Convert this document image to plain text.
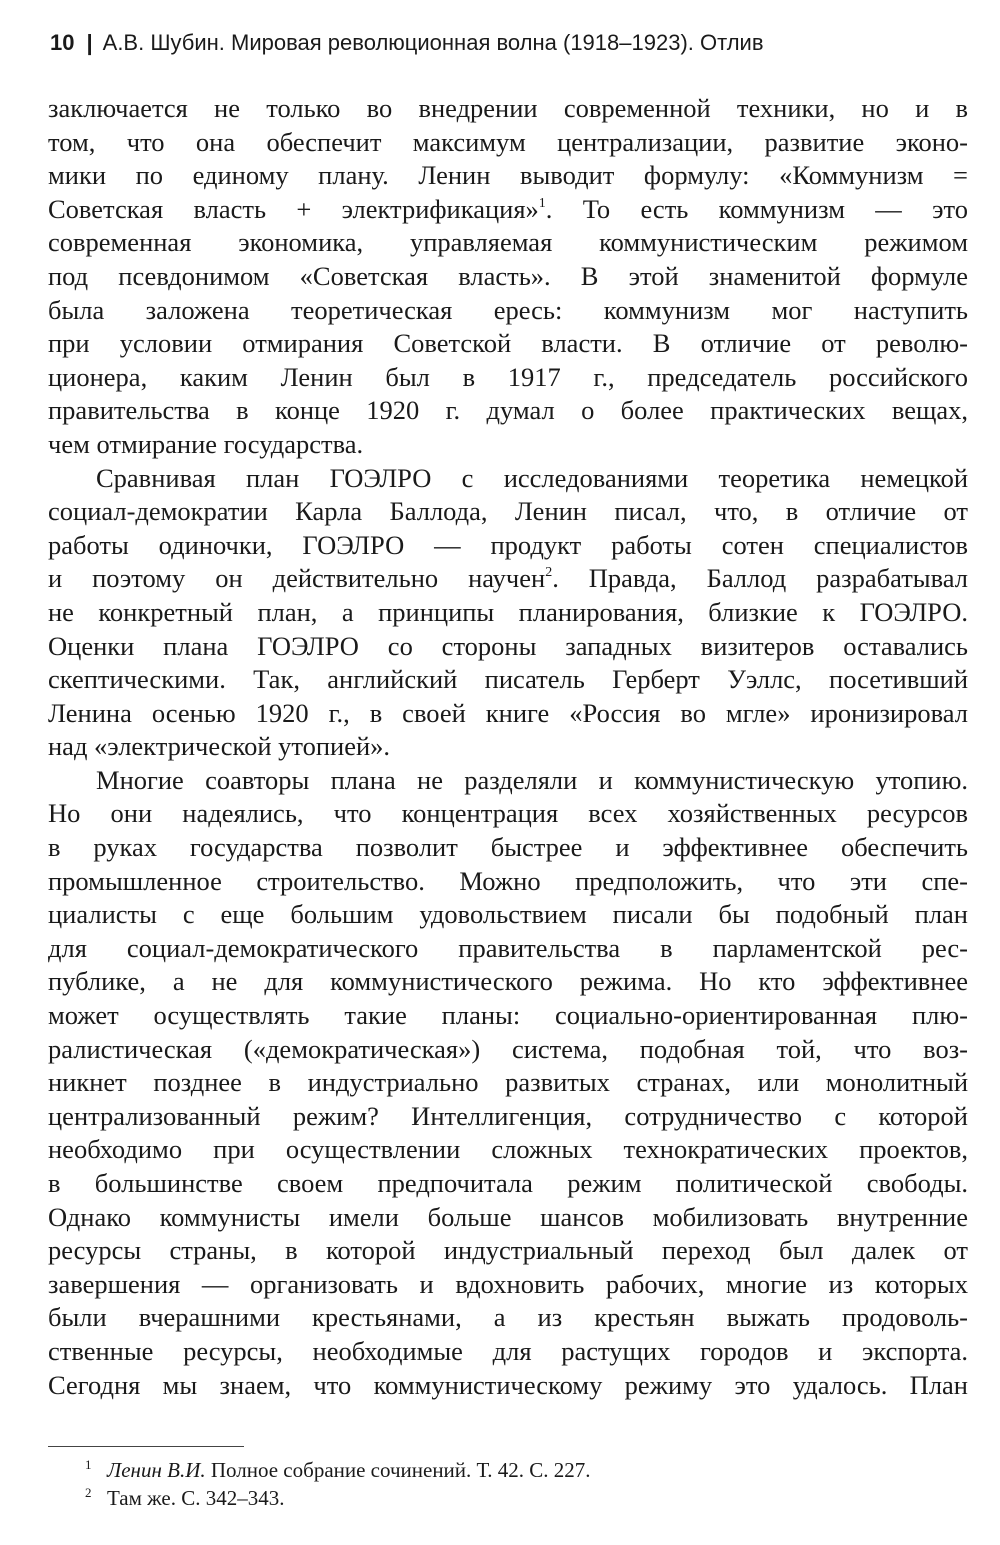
10 | А.В. Шубин. Мировая революционная волна (1918–1923). Отлив

заключается не только во внедрении современной техники, но и в
том, что она обеспечит максимум централизации, развитие эконо-
мики по единому плану. Ленин выводит формулу: «Коммунизм =
Советская власть + электрификация»$^1$. То есть коммунизм — это
современная экономика, управляемая коммунистическим режимом
под псевдонимом «Советская власть». В этой знаменитой формуле
была заложена теоретическая ересь: коммунизм мог наступить
при условии отмирания Советской власти. В отличие от револю-
ционера, каким Ленин был в 1917 г., председатель российского
правительства в конце 1920 г. думал о более практических вещах,
чем отмирание государства.

Сравнивая план ГОЭЛРО с исследованиями теоретика немецкой
социал-демократии Карла Баллода, Ленин писал, что, в отличие от
работы одиночки, ГОЭЛРО — продукт работы сотен специалистов
и поэтому он действительно научен$^2$. Правда, Баллод разрабатывал
не конкретный план, а принципы планирования, близкие к ГОЭЛРО.
Оценки плана ГОЭЛРО со стороны западных визитеров оставались
скептическими. Так, английский писатель Герберт Уэллс, посетивший
Ленина осенью 1920 г., в своей книге «Россия во мгле» иронизировал
над «электрической утопией».

Многие соавторы плана не разделяли и коммунистическую утопию.
Но они надеялись, что концентрация всех хозяйственных ресурсов
в руках государства позволит быстрее и эффективнее обеспечить
промышленное строительство. Можно предположить, что эти спе-
циалисты с еще большим удовольствием писали бы подобный план
для социал-демократического правительства в парламентской рес-
публике, а не для коммунистического режима. Но кто эффективнее
может осуществлять такие планы: социально-ориентированная плю-
ралистическая («демократическая») система, подобная той, что воз-
никнет позднее в индустриально развитых странах, или монолитный
централизованный режим? Интеллигенция, сотрудничество с которой
необходимо при осуществлении сложных технократических проектов,
в большинстве своем предпочитала режим политической свободы.
Однако коммунисты имели больше шансов мобилизовать внутренние
ресурсы страны, в которой индустриальный переход был далек от
завершения — организовать и вдохновить рабочих, многие из которых
были вчерашними крестьянами, а из крестьян выжать продоволь-
ственные ресурсы, необходимые для растущих городов и экспорта.
Сегодня мы знаем, что коммунистическому режиму это удалось. План

1 Ленин В.И. Полное собрание сочинений. Т. 42. С. 227.
2 Там же. С. 342–343.
